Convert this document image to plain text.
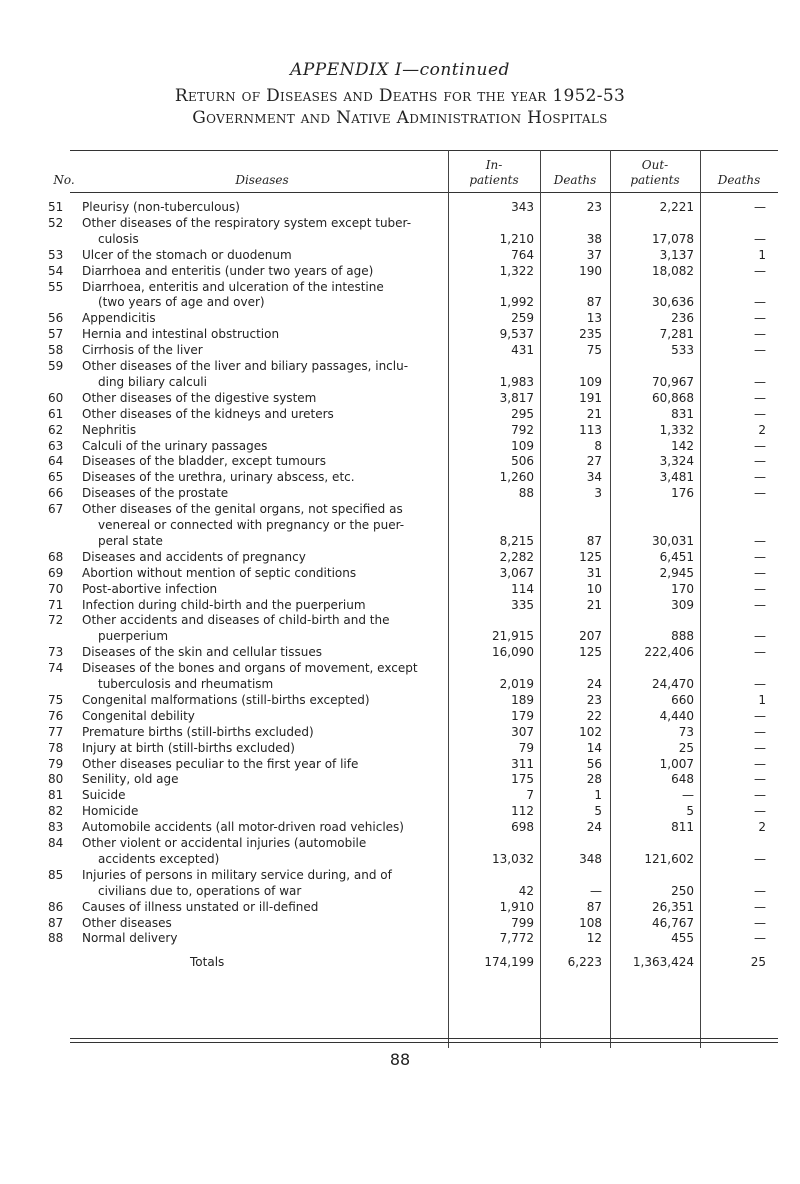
APPENDIX I—continued
Return of Diseases and Deaths for the year 1952-53
Government and Native Administration Hospitals
No.	Diseases
In-
patients	Deaths
Out-
patients	Deaths
51	Pleurisy (non-tuberculous)	343	23	2,221	—
52	Other diseases of the respiratory system except tuber-
culosis	1,210	38	17,078	—
53	Ulcer of the stomach or duodenum	764	37	3,137	1
54	Diarrhoea and enteritis (under two years of age)	1,322	190	18,082	—
55	Diarrhoea, enteritis and ulceration of the intestine
(two years of age and over)	1,992	87	30,636	—
56	Appendicitis	259	13	236	—
57	Hernia and intestinal obstruction	9,537	235	7,281	—
58	Cirrhosis of the liver	431	75	533	—
59	Other diseases of the liver and biliary passages, inclu-
ding biliary calculi	1,983	109	70,967	—
60	Other diseases of the digestive system	3,817	191	60,868	—
61	Other diseases of the kidneys and ureters	295	21	831	—
62	Nephritis	792	113	1,332	2
63	Calculi of the urinary passages	109	8	142	—
64	Diseases of the bladder, except tumours	506	27	3,324	—
65	Diseases of the urethra, urinary abscess, etc.	1,260	34	3,481	—
66	Diseases of the prostate	88	3	176	—
67	Other diseases of the genital organs, not specified as
venereal or connected with pregnancy or the puer-
peral state	8,215	87	30,031	—
68	Diseases and accidents of pregnancy	2,282	125	6,451	—
69	Abortion without mention of septic conditions	3,067	31	2,945	—
70	Post-abortive infection	114	10	170	—
71	Infection during child-birth and the puerperium	335	21	309	—
72	Other accidents and diseases of child-birth and the
puerperium	21,915	207	888	—
73	Diseases of the skin and cellular tissues	16,090	125	222,406	—
74	Diseases of the bones and organs of movement, except
tuberculosis and rheumatism	2,019	24	24,470	—
75	Congenital malformations (still-births excepted)	189	23	660	1
76	Congenital debility	179	22	4,440	—
77	Premature births (still-births excluded)	307	102	73	—
78	Injury at birth (still-births excluded)	79	14	25	—
79	Other diseases peculiar to the first year of life	311	56	1,007	—
80	Senility, old age	175	28	648	—
81	Suicide	7	1	—	—
82	Homicide	112	5	5	—
83	Automobile accidents (all motor-driven road vehicles)	698	24	811	2
84	Other violent or accidental injuries (automobile
accidents excepted)	13,032	348	121,602	—
85	Injuries of persons in military service during, and of
civilians due to, operations of war	42	—	250	—
86	Causes of illness unstated or ill-defined	1,910	87	26,351	—
87	Other diseases	799	108	46,767	—
88	Normal delivery	7,772	12	455	—
Totals	174,199	6,223	1,363,424	25
88
